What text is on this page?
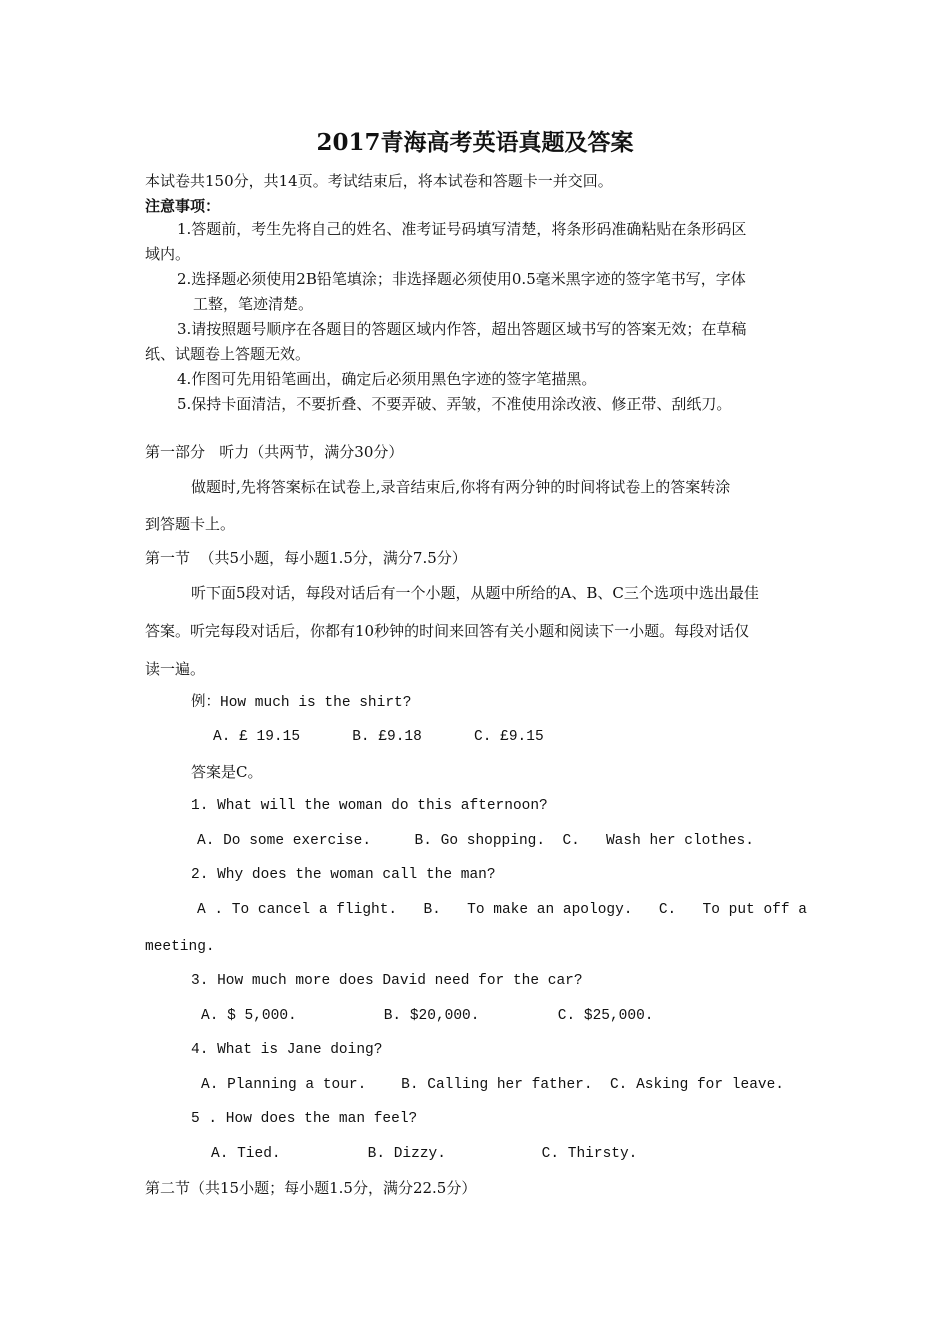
2017青海高考英语真题及答案
本试卷共150分，共14页。考试结束后，将本试卷和答题卡一并交回。
注意事项：
1.答题前，考生先将自己的姓名、准考证号码填写清楚，将条形码准确粘贴在条形码区
域内。
2.选择题必须使用2B铅笔填涂；非选择题必须使用0.5毫米黑字迹的签字笔书写，字体
工整，笔迹清楚。
3.请按照题号顺序在各题目的答题区域内作答，超出答题区域书写的答案无效；在草稿
纸、试题卷上答题无效。
4.作图可先用铅笔画出，确定后必须用黑色字迹的签字笔描黑。
5.保持卡面清洁，不要折叠、不要弄破、弄皱，不准使用涂改液、修正带、刮纸刀。
第一部分   听力（共两节，满分30分）
做题时,先将答案标在试卷上,录音结束后,你将有两分钟的时间将试卷上的答案转涂
到答题卡上。
第一节  （共5小题，每小题1.5分，满分7.5分）
听下面5段对话，每段对话后有一个小题，从题中所给的A、B、C三个选项中选出最佳
答案。听完每段对话后，你都有10秒钟的时间来回答有关小题和阅读下一小题。每段对话仅
读一遍。
例：How much is the shirt?
A. £ 19.15      B. £9.18      C. £9.15
答案是C。
1. What will the woman do this afternoon?
A. Do some exercise.     B. Go shopping.  C.   Wash her clothes.
2. Why does the woman call the man?
A . To cancel a flight. B. To make an apology. C. To put off a
meeting.
3. How much more does David need for the car?
A. $ 5,000.          B. $20,000.         C. $25,000.
4. What is Jane doing?
A. Planning a tour.    B. Calling her father.  C. Asking for leave.
5 . How does the man feel?
A. Tied.          B. Dizzy.           C. Thirsty.
第二节（共15小题；每小题1.5分，满分22.5分）
